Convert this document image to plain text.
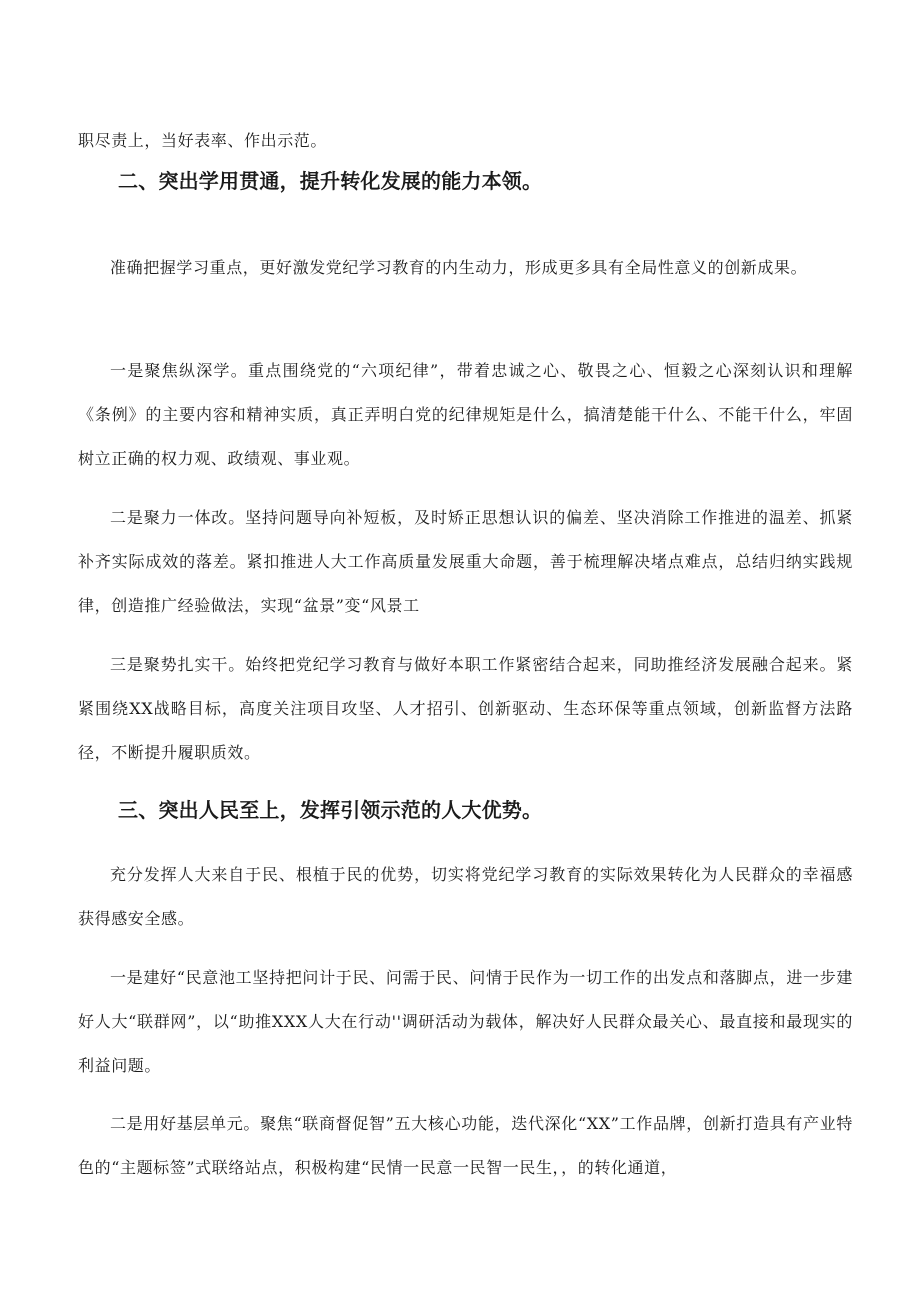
职尽责上，当好表率、作出示范。

二、突出学用贯通，提升转化发展的能力本领。

准确把握学习重点，更好激发党纪学习教育的内生动力，形成更多具有全局性意义的创新成果。

一是聚焦纵深学。重点围绕党的“六项纪律”，带着忠诚之心、敬畏之心、恒毅之心深刻认识和理解《条例》的主要内容和精神实质，真正弄明白党的纪律规矩是什么，搞清楚能干什么、不能干什么，牢固树立正确的权力观、政绩观、事业观。

二是聚力一体改。坚持问题导向补短板，及时矫正思想认识的偏差、坚决消除工作推进的温差、抓紧补齐实际成效的落差。紧扣推进人大工作高质量发展重大命题，善于梳理解决堵点难点，总结归纳实践规律，创造推广经验做法，实现“盆景”变“风景工

三是聚势扎实干。始终把党纪学习教育与做好本职工作紧密结合起来，同助推经济发展融合起来。紧紧围绕XX战略目标，高度关注项目攻坚、人才招引、创新驱动、生态环保等重点领域，创新监督方法路径，不断提升履职质效。

三、突出人民至上，发挥引领示范的人大优势。

充分发挥人大来自于民、根植于民的优势，切实将党纪学习教育的实际效果转化为人民群众的幸福感获得感安全感。

一是建好“民意池工坚持把问计于民、问需于民、问情于民作为一切工作的出发点和落脚点，进一步建好人大“联群网”，以“助推XXX人大在行动''调研活动为载体，解决好人民群众最关心、最直接和最现实的利益问题。

二是用好基层单元。聚焦“联商督促智”五大核心功能，迭代深化“XX”工作品牌，创新打造具有产业特色的“主题标签”式联络站点，积极构建“民情一民意一民智一民生，，的转化通道，
